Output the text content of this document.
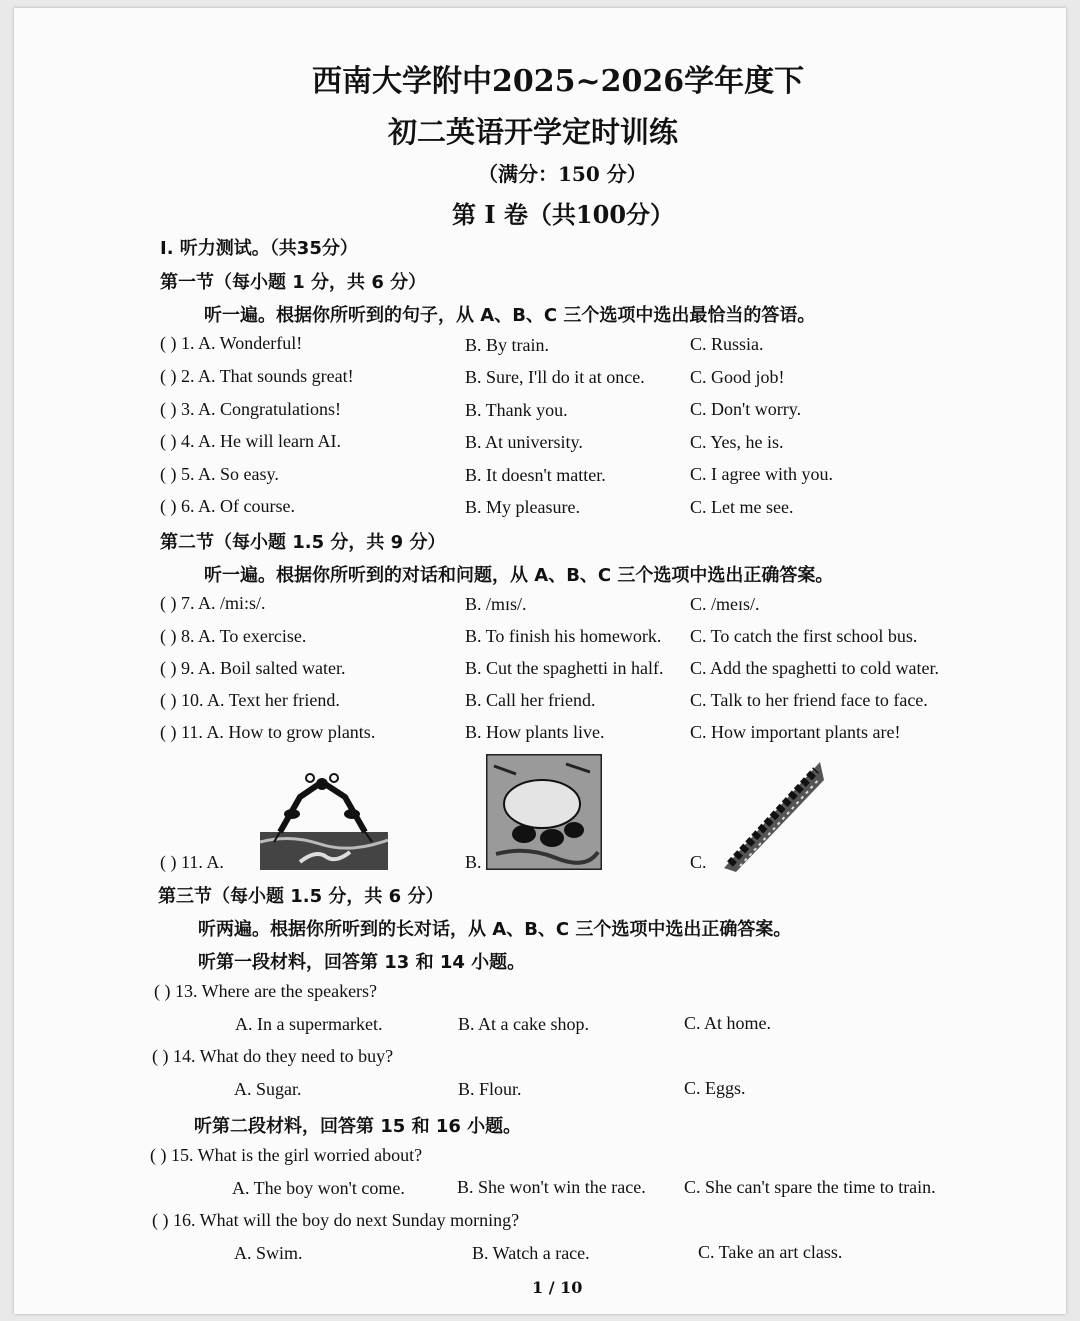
西南大学附中2025~2026学年度下
初二英语开学定时训练
（满分：150 分）
第 I 卷（共100分）
I. 听力测试。（共35分）
第一节（每小题 1 分，共 6 分）
听一遍。根据你所听到的句子，从 A、B、C 三个选项中选出最恰当的答语。
( ) 1. A. Wonderful!	B. By train.	C. Russia.
( ) 2. A. That sounds great!	B. Sure, I'll do it at once.	C. Good job!
( ) 3. A. Congratulations!	B. Thank you.	C. Don't worry.
( ) 4. A. He will learn AI.	B. At university.	C. Yes, he is.
( ) 5. A. So easy.	B. It doesn't matter.	C. I agree with you.
( ) 6. A. Of course.	B. My pleasure.	C. Let me see.
第二节（每小题 1.5 分，共 9 分）
听一遍。根据你所听到的对话和问题，从 A、B、C 三个选项中选出正确答案。
( ) 7. A. /mi:s/.	B. /mɪs/.	C. /meɪs/.
( ) 8. A. To exercise.	B. To finish his homework. C. To catch the first school bus.
( ) 9. A. Boil salted water.	B. Cut the spaghetti in half. C. Add the spaghetti to cold water.
( ) 10. A. Text her friend.	B. Call her friend.	C. Talk to her friend face to face.
( ) 11. A. How to grow plants.	B. How plants live.	C. How important plants are!
( ) 11. A.	B.	C.
第三节（每小题 1.5 分，共 6 分）
听两遍。根据你所听到的长对话，从 A、B、C 三个选项中选出正确答案。
听第一段材料，回答第 13 和 14 小题。
( ) 13. Where are the speakers?
A. In a supermarket.	B. At a cake shop.	C. At home.
( ) 14. What do they need to buy?
A. Sugar.	B. Flour.	C. Eggs.
听第二段材料，回答第 15 和 16 小题。
( ) 15. What is the girl worried about?
A. The boy won't come.	B. She won't win the race. C. She can't spare the time to train.
( ) 16. What will the boy do next Sunday morning?
A. Swim.	B. Watch a race.	C. Take an art class.
1 / 10
